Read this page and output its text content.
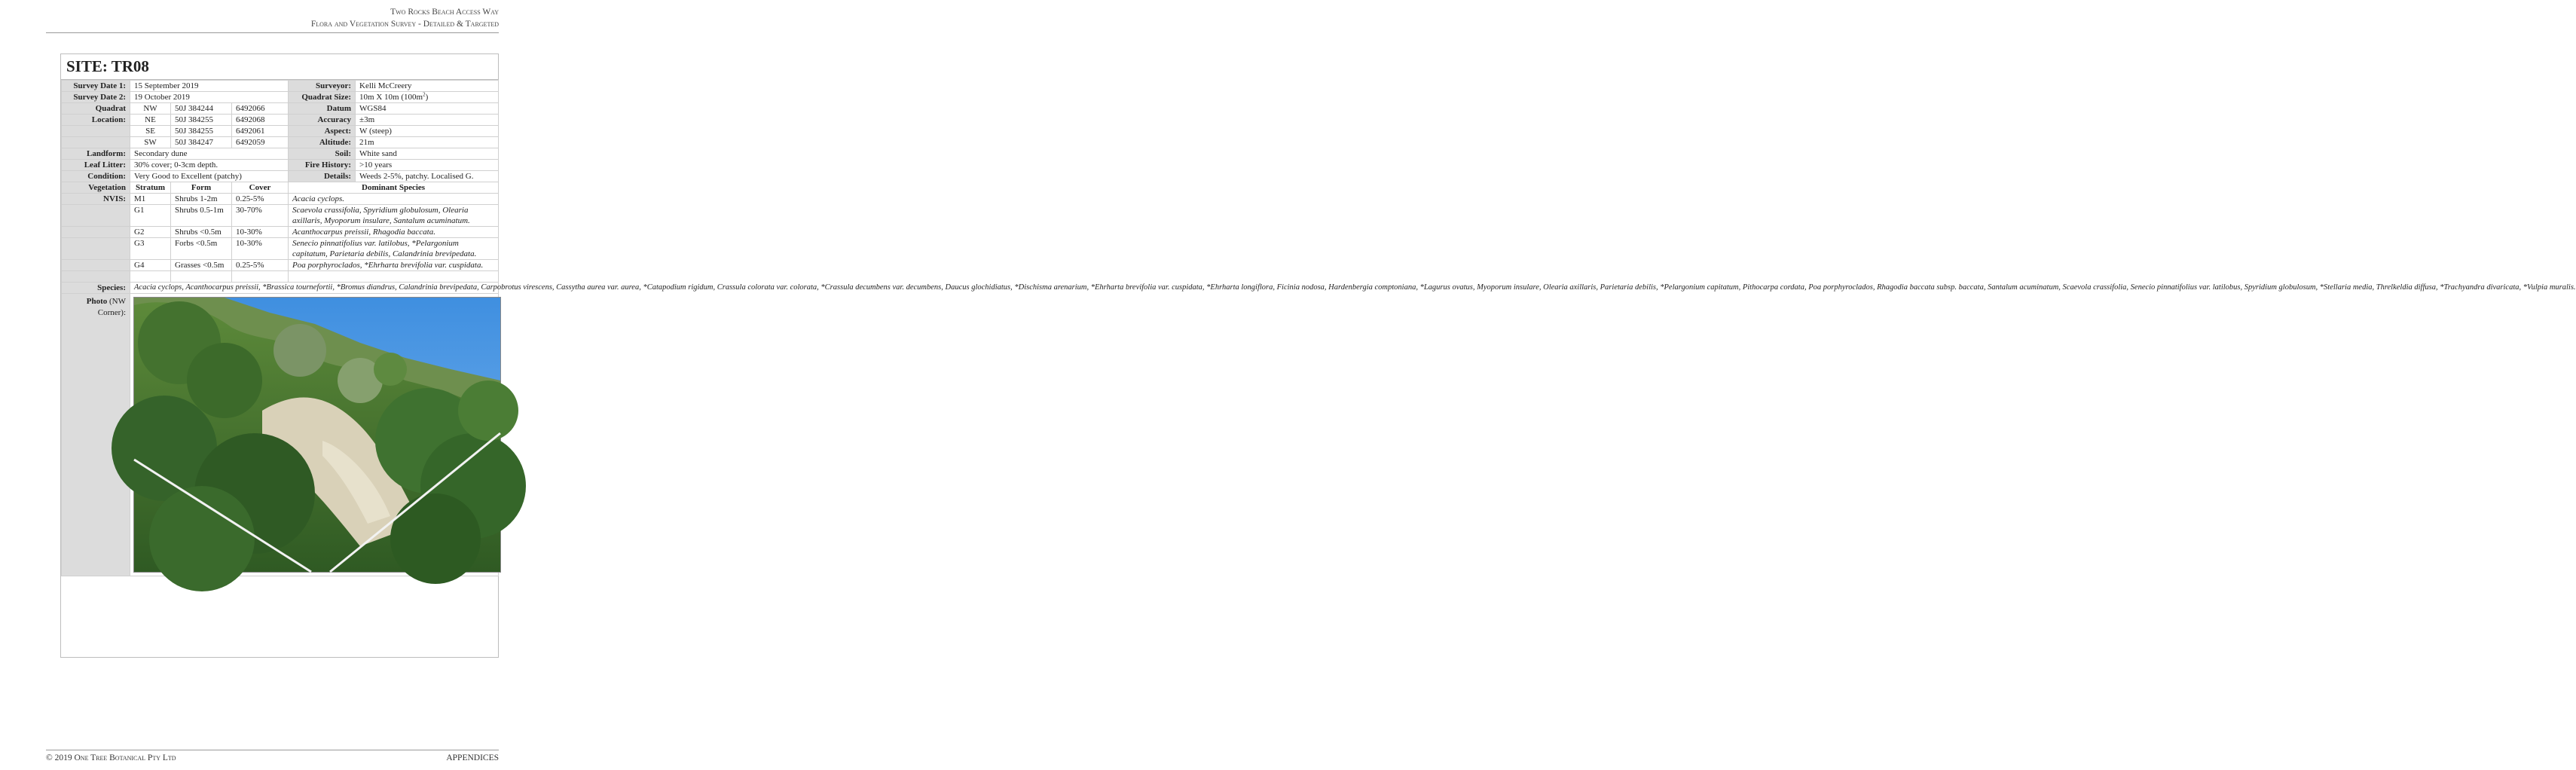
Two Rocks Beach Access Way
Flora and Vegetation Survey - Detailed & Targeted
SITE: TR08
Survey Date 1:	15 September 2019			Surveyor:	Kelli McCreery
Survey Date 2:	19 October 2019			Quadrat Size:	10m X 10m $(100m^2)$
Quadrat	NW	50J 384244	6492066	Datum	WGS84
Location:	NE	50J 384255	6492068	Accuracy	±3m
	SE	50J 384255	6492061	Aspect:	W (steep)
	SW	50J 384247	6492059	Altitude:	21m
Landform:	Secondary dune			Soil:	White sand
Leaf Litter:	30% cover; 0-3cm depth.			Fire History:	>10 years
Condition:	Very Good to Excellent (patchy)			Details:	Weeds 2-5%, patchy. Localised G.
Vegetation	Stratum	Form	Cover	Dominant Species	
NVIS:	M1	Shrubs 1-2m	0.25-5%	Acacia cyclops.	
	G1	Shrubs 0.5-1m	30-70%	Scaevola crassifolia, Spyridium globulosum, Olearia axillaris, Myoporum insulare, Santalum acuminatum.	
	G2	Shrubs <0.5m	10-30%	Acanthocarpus preissii, Rhagodia baccata.	
	G3	Forbs <0.5m	10-30%	Senecio pinnatifolius var. latilobus, *Pelargonium capitatum, Parietaria debilis, Calandrinia brevipedata.	
	G4	Grasses <0.5m	0.25-5%	Poa porphyroclados, *Ehrharta brevifolia var. cuspidata.	

Species:	Acacia cyclops, Acanthocarpus preissii, *Brassica tournefortii, *Bromus diandrus, Calandrinia brevipedata, Carpobrotus virescens, Cassytha aurea var. aurea, *Catapodium rigidum, Crassula colorata var. colorata, *Crassula decumbens var. decumbens, Daucus glochidiatus, *Dischisma arenarium, *Ehrharta brevifolia var. cuspidata, *Ehrharta longiflora, Ficinia nodosa, Hardenbergia comptoniana, *Lagurus ovatus, Myoporum insulare, Olearia axillaris, Parietaria debilis, *Pelargonium capitatum, Pithocarpa cordata, Poa porphyroclados, Rhagodia baccata subsp. baccata, Santalum acuminatum, Scaevola crassifolia, Senecio pinnatifolius var. latilobus, Spyridium globulosum, *Stellaria media, Threlkeldia diffusa, *Trachyandra divaricata, *Vulpia muralis.				
Photo (NW Corner):	
© 2019 One Tree Botanical Pty Ltd	APPENDICES
